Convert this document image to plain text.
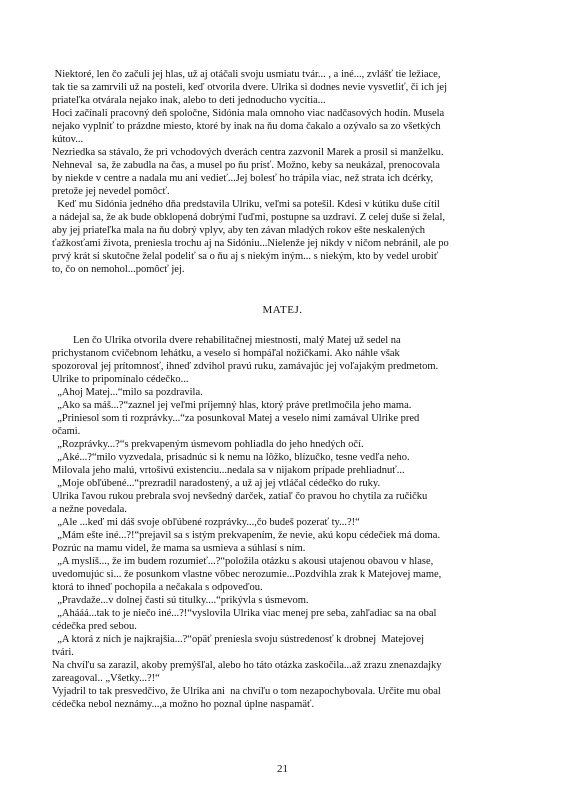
Niektoré, len čo začuli jej hlas, už aj otáčali svoju usmiatu tvár... , a iné..., zvlášť tie ležiace,
tak tie sa zamrvili už na posteli, keď otvorila dvere. Ulrika si dodnes nevie vysvetliť, či ich jej
priateľka otvárala nejako inak, alebo to deti jednoducho vycítia...

Hoci začínali pracovný deň spoločne, Sidónia mala omnoho viac nadčasových hodín. Musela
nejako vyplniť to prázdne miesto, ktoré by inak na ňu doma čakalo a ozývalo sa zo všetkých
kútov...

Nezriedka sa stávalo, že pri vchodových dverách centra zazvonil Marek a prosil si manželku.
Nehneval  sa, že zabudla na čas, a musel po ňu prísť. Možno, keby sa neukázal, prenocovala
by niekde v centre a nadala mu ani vedieť...Jej bolesť ho trápila viac, než strata ich dcérky,
pretože jej nevedel pomôcť.

Keď mu Sidónia jedného dňa predstavila Ulriku, veľmi sa potešil. Kdesi v kútiku duše cítil
a nádejal sa, že ak bude obklopená dobrými ľuďmi, postupne sa uzdraví. Z celej duše si želal,
aby jej priateľka mala na ňu dobrý vplyv, aby ten závan mladých rokov ešte neskalených
ťažkosťami života, preniesla trochu aj na Sidóniu...Nielenže jej nikdy v ničom nebránil, ale po
prvý krát si skutočne želal podeliť sa o ňu aj s niekým iným... s niekým, kto by vedel urobiť
to, čo on nemohol...pomôcť jej.

MATEJ.

Len čo Ulrika otvorila dvere rehabilitačnej miestnosti, malý Matej už sedel na
prichystanom cvičebnom lehátku, a veselo si hompáľal nožičkami. Ako náhle však
spozoroval jej prítomnosť, ihneď zdvihol pravú ruku, zamávajúc jej voľajakým predmetom.
Ulrike to pripomínalo cédečko...

„Ahoj Matej...“milo sa pozdravila.

„Ako sa máš...?“zaznel jej veľmi príjemný hlas, ktorý práve pretlmočila jeho mama.

„Priniesol som ti rozprávky...“za posunkoval Matej a veselo nimi zamával Ulrike pred
očami.

„Rozprávky...?“s prekvapeným úsmevom pohliadla do jeho hnedých očí.

„Aké...?“milo vyzvedala, prisadnúc si k nemu na lôžko, blízučko, tesne vedľa neho.
Milovala jeho malú, vrtošivú existenciu...nedala sa v nijakom prípade prehliadnuť...

„Moje obľúbené...“prezradil naradostený, a už aj jej vtláčal cédečko do ruky.
Ulrika ľavou rukou prebrala svoj nevšedný darček, zatiaľ čo pravou ho chytila za ručičku
a nežne povedala.

„Ale ...keď mi dáš svoje obľúbené rozprávky...,čo budeš pozerať ty...?!“

„Mám ešte iné...?!“prejavil sa s istým prekvapením, že nevie, akú kopu cédečiek má doma.
Pozrúc na mamu videl, že mama sa usmieva a súhlasí s ním.

„A myslíš..., že im budem rozumieť...?“položila otázku s akousi utajenou obavou v hlase,
uvedomujúc si... že posunkom vlastne vôbec nerozumie...Pozdvihla zrak k Matejovej mame,
ktorá to ihneď pochopila a nečakala s odpoveďou.

„Pravdaže...v dolnej časti sú titulky....“prikývla s úsmevom.

„Ahááá...tak to je niečo iné...?!“vyslovila Ulrika viac menej pre seba, zahľadiac sa na obal
cédečka pred sebou.

„A ktorá z nich je najkrajšia...?“opäť preniesla svoju sústredenosť k drobnej  Matejovej
tvári.

Na chvíľu sa zarazil, akoby premýšľal, alebo ho táto otázka zaskočila...až zrazu znenazdajky
zareagoval.. „Všetky...?!“

Vyjadril to tak presvedčivo, že Ulrika ani  na chvíľu o tom nezapochybovala. Určite mu obal
cédečka nebol neznámy...,a možno ho poznal úplne naspamäť.

21
